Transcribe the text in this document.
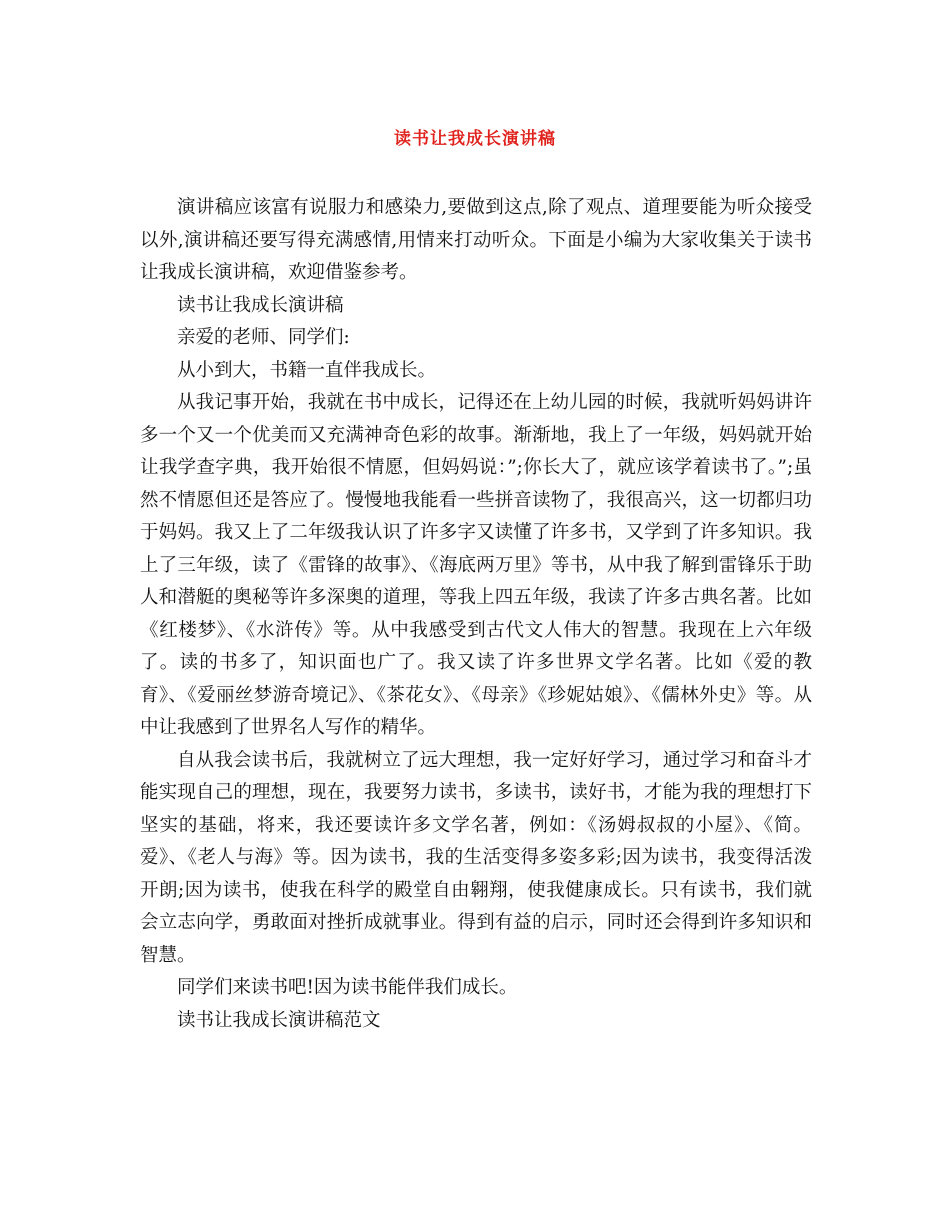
读书让我成长演讲稿

演讲稿应该富有说服力和感染力,要做到这点,除了观点、道理要能为听众接受以外,演讲稿还要写得充满感情,用情来打动听众。下面是小编为大家收集关于读书让我成长演讲稿，欢迎借鉴参考。

读书让我成长演讲稿

亲爱的老师、同学们:

从小到大，书籍一直伴我成长。

从我记事开始，我就在书中成长，记得还在上幼儿园的时候，我就听妈妈讲许多一个又一个优美而又充满神奇色彩的故事。渐渐地，我上了一年级，妈妈就开始让我学查字典，我开始很不情愿，但妈妈说：”;你长大了，就应该学着读书了。”;虽然不情愿但还是答应了。慢慢地我能看一些拼音读物了，我很高兴，这一切都归功于妈妈。我又上了二年级我认识了许多字又读懂了许多书，又学到了许多知识。我上了三年级，读了《雷锋的故事》、《海底两万里》等书，从中我了解到雷锋乐于助人和潜艇的奥秘等许多深奥的道理，等我上四五年级，我读了许多古典名著。比如《红楼梦》、《水浒传》等。从中我感受到古代文人伟大的智慧。我现在上六年级了。读的书多了，知识面也广了。我又读了许多世界文学名著。比如《爱的教育》、《爱丽丝梦游奇境记》、《茶花女》、《母亲》《珍妮姑娘》、《儒林外史》等。从中让我感到了世界名人写作的精华。

自从我会读书后，我就树立了远大理想，我一定好好学习，通过学习和奋斗才能实现自己的理想，现在，我要努力读书，多读书，读好书，才能为我的理想打下坚实的基础，将来，我还要读许多文学名著，例如：《汤姆叔叔的小屋》、《简。爱》、《老人与海》等。因为读书，我的生活变得多姿多彩;因为读书，我变得活泼开朗;因为读书，使我在科学的殿堂自由翱翔，使我健康成长。只有读书，我们就会立志向学，勇敢面对挫折成就事业。得到有益的启示，同时还会得到许多知识和智慧。

同学们来读书吧!因为读书能伴我们成长。

读书让我成长演讲稿范文
